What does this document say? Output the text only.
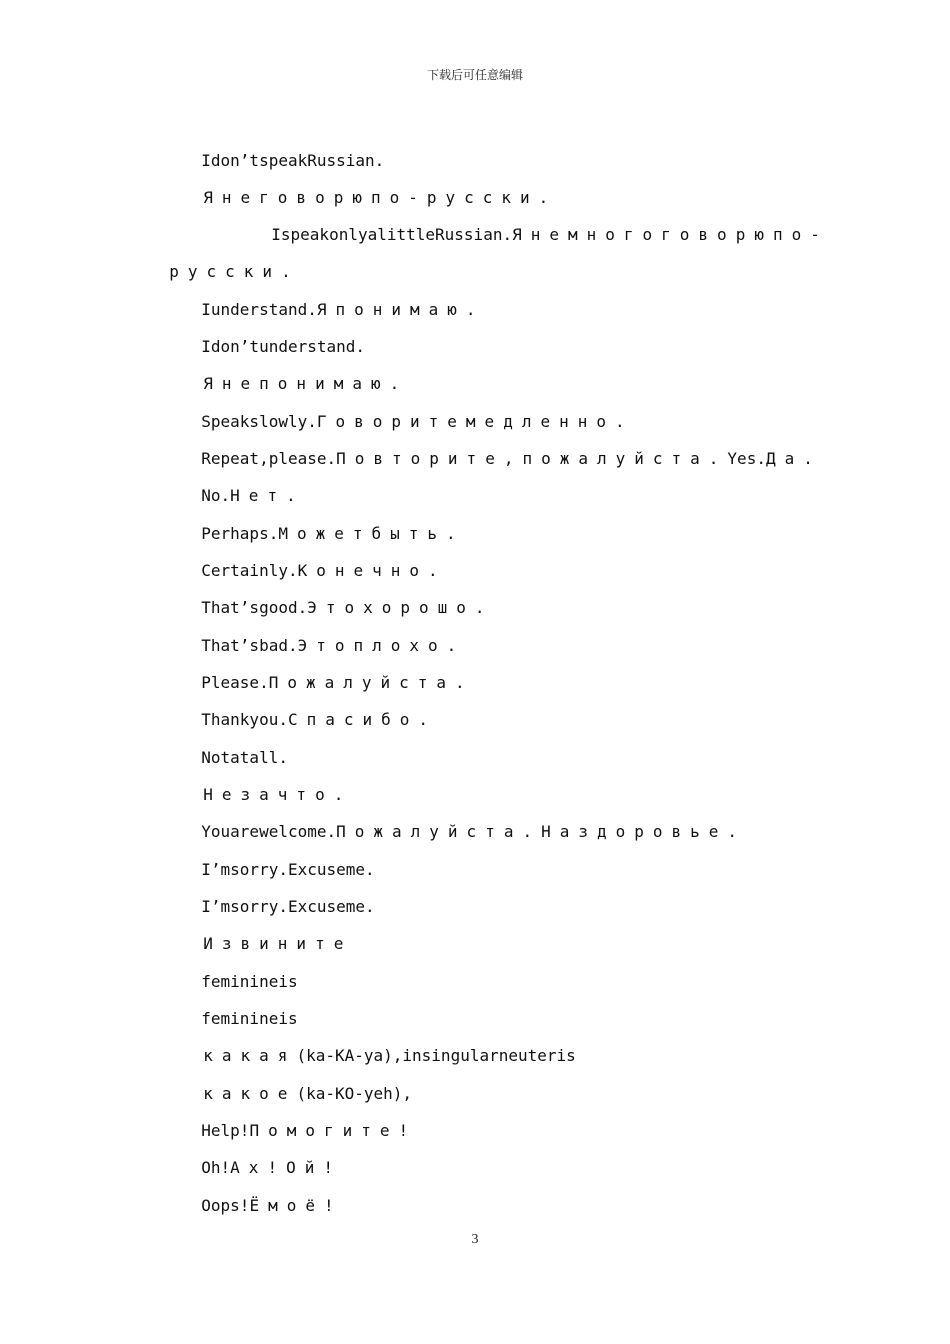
下载后可任意编辑

Idon’tspeakRussian.

Янеговорюпо-русски.

IspeakonlyalittleRussian.Янемногоговорюпо-

русски.

Iunderstand.Японимаю.

Idon’tunderstand.

Янепонимаю.

Speakslowly.Говоритемедленно.

Repeat,please.Повторите,пожалуйста.Yes.Да.

No.Нет.

Perhaps.Можетбыть.

Certainly.Конечно.

That’sgood.Этохорошо.

That’sbad.Этоплохо.

Please.Пожалуйста.

Thankyou.Спасибо.

Notatall.

Незачто.

Youarewelcome.Пожалуйста.Наздоровье.

I’msorry.Excuseme.

I’msorry.Excuseme.

Извините

feminineis

feminineis

какая(ka-KA-ya),insingularneuteris

какое(ka-KO-yeh),

Help!Помогите!

Oh!Ах!Ой!

Oops!Ёмоё!

3
